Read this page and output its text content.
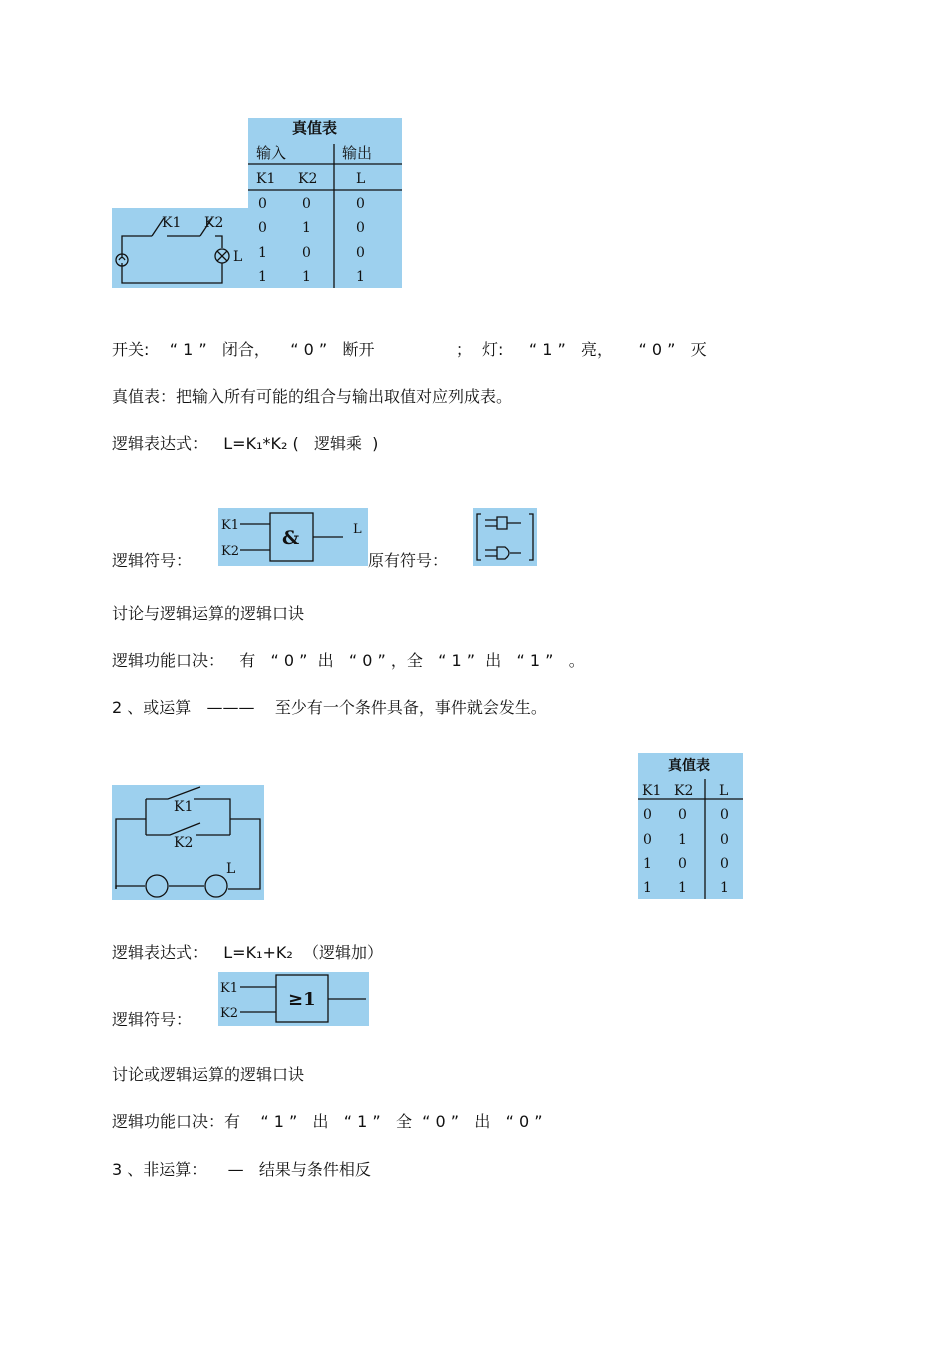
K1 K2
L
真值表
输入	输出
K1 K2	L
0	0	0
0	1	0
1	0	0
1	1	1
开关:    “ 1 ”   闭合，    “ 0 ”   断开                ；  灯:     “ 1 ”   亮，     “ 0 ”   灭
真值表：把输入所有可能的组合与输出取值对应列成表。
逻辑表达式：   L=K₁*K₂ (   逻辑乘  )
逻辑符号：
K1
K2
&	L
原有符号：
讨论与逻辑运算的逻辑口诀
逻辑功能口决：   有   “ 0 ”  出   “ 0 ” ，全   “ 1 ”  出   “ 1 ”   。
2 、或运算   ———    至少有一个条件具备，事件就会发生。
K1
K2
L
真值表
K1 K2 L
0 0 0
0 1 0
1 0 0
1 1 1
逻辑表达式：   L=K₁+K₂  （逻辑加）
逻辑符号：
K1
K2
≥1
讨论或逻辑运算的逻辑口诀
逻辑功能口决：有    “ 1 ”   出   “ 1 ”   全  “ 0 ”   出   “ 0 ”
3 、非运算：    —   结果与条件相反
